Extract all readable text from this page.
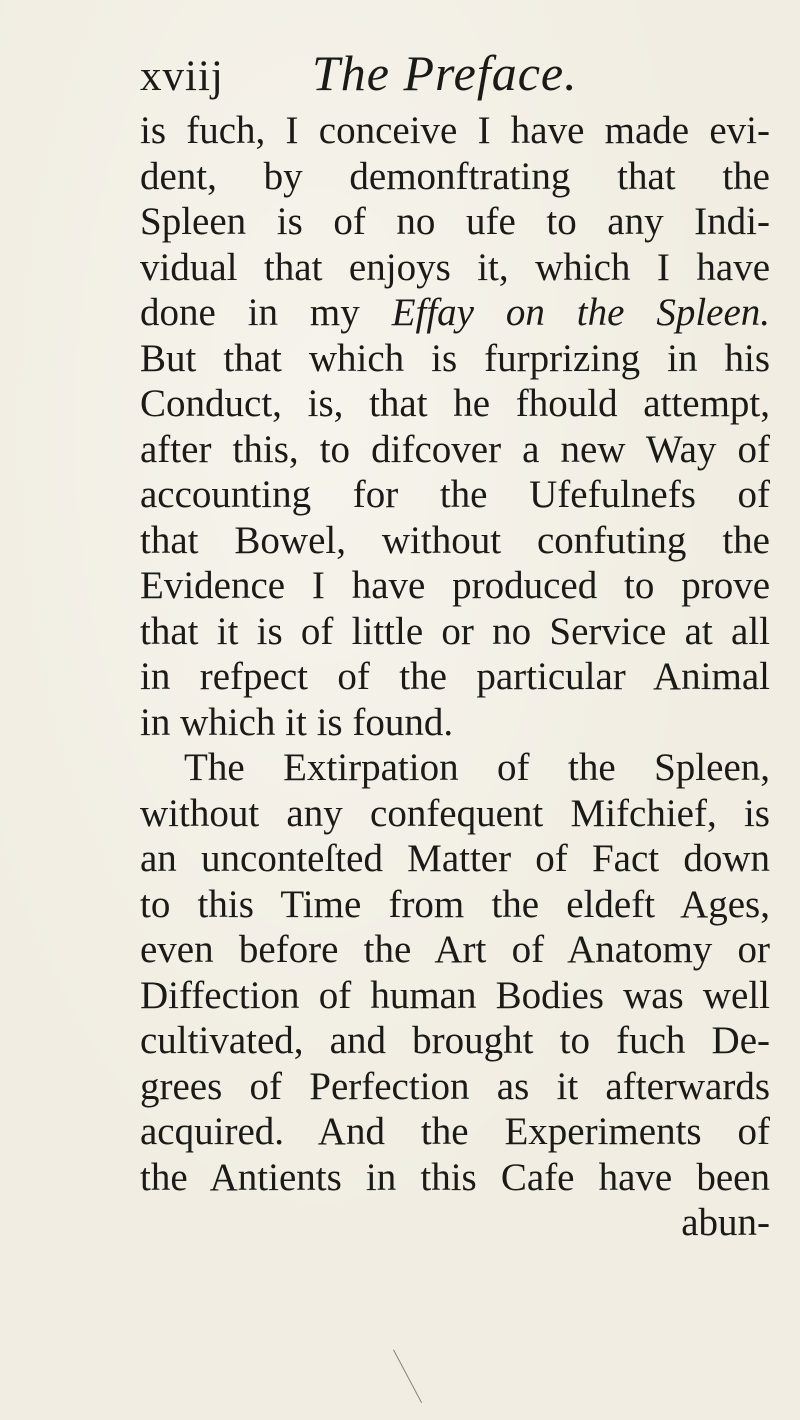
xviij The Preface.
is fuch, I conceive I have made evi-
dent, by demonftrating that the
Spleen is of no ufe to any Indi-
vidual that enjoys it, which I have
done in my Effay on the Spleen.
But that which is furprizing in his
Conduct, is, that he fhould attempt,
after this, to difcover a new Way of
accounting for the Ufefulnefs of
that Bowel, without confuting the
Evidence I have produced to prove
that it is of little or no Service at all
in refpect of the particular Animal
in which it is found.
The Extirpation of the Spleen,
without any confequent Mifchief, is
an unconteſted Matter of Fact down
to this Time from the eldeft Ages,
even before the Art of Anatomy or
Diffection of human Bodies was well
cultivated, and brought to fuch De-
grees of Perfection as it afterwards
acquired. And the Experiments of
the Antients in this Cafe have been
abun-
